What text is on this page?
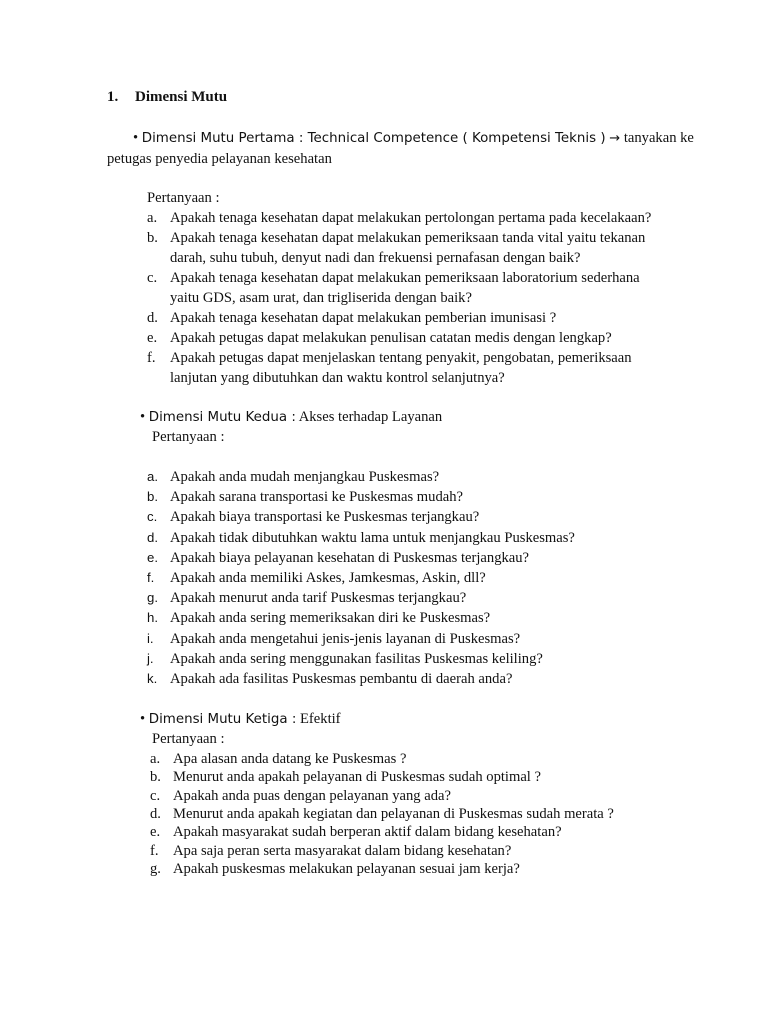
1. Dimensi Mutu
• Dimensi Mutu Pertama : Technical Competence ( Kompetensi Teknis ) → tanyakan ke
petugas penyedia pelayanan kesehatan
Pertanyaan :
a. Apakah tenaga kesehatan dapat melakukan pertolongan pertama pada kecelakaan?
b. Apakah tenaga kesehatan dapat melakukan pemeriksaan tanda vital yaitu tekanan
darah, suhu tubuh, denyut nadi dan frekuensi pernafasan dengan baik?
c. Apakah tenaga kesehatan dapat melakukan pemeriksaan laboratorium sederhana
yaitu GDS, asam urat, dan trigliserida dengan baik?
d. Apakah tenaga kesehatan dapat melakukan pemberian imunisasi ?
e. Apakah petugas dapat melakukan penulisan catatan medis dengan lengkap?
f. Apakah petugas dapat menjelaskan tentang penyakit, pengobatan, pemeriksaan
lanjutan yang dibutuhkan dan waktu kontrol selanjutnya?
• Dimensi Mutu Kedua : Akses terhadap Layanan
Pertanyaan :
a. Apakah anda mudah menjangkau Puskesmas?
b. Apakah sarana transportasi ke Puskesmas mudah?
c. Apakah biaya transportasi ke Puskesmas terjangkau?
d. Apakah tidak dibutuhkan waktu lama untuk menjangkau Puskesmas?
e. Apakah biaya pelayanan kesehatan di Puskesmas terjangkau?
f. Apakah anda memiliki Askes, Jamkesmas, Askin, dll?
g. Apakah menurut anda tarif Puskesmas terjangkau?
h. Apakah anda sering memeriksakan diri ke Puskesmas?
i. Apakah anda mengetahui jenis-jenis layanan di Puskesmas?
j. Apakah anda sering menggunakan fasilitas Puskesmas keliling?
k. Apakah ada fasilitas Puskesmas pembantu di daerah anda?
• Dimensi Mutu Ketiga : Efektif
Pertanyaan :
a. Apa alasan anda datang ke Puskesmas ?
b. Menurut anda apakah pelayanan di Puskesmas sudah optimal ?
c. Apakah anda puas dengan pelayanan yang ada?
d. Menurut anda apakah kegiatan dan pelayanan di Puskesmas sudah merata ?
e. Apakah masyarakat sudah berperan aktif dalam bidang kesehatan?
f. Apa saja peran serta masyarakat dalam bidang kesehatan?
g. Apakah puskesmas melakukan pelayanan sesuai jam kerja?
